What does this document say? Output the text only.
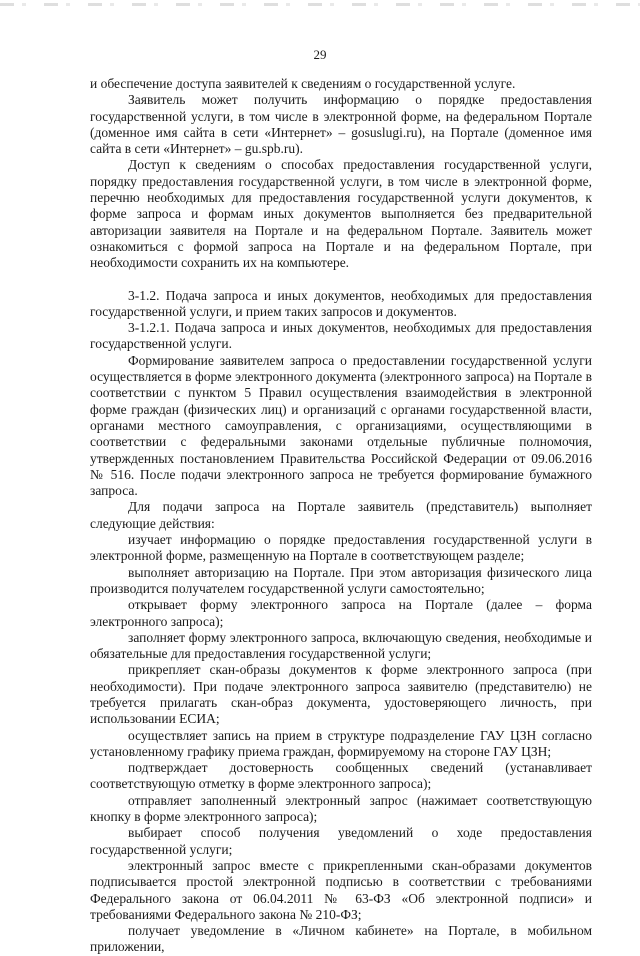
29

и обеспечение доступа заявителей к сведениям о государственной услуге.

Заявитель может получить информацию о порядке предоставления государственной услуги, в том числе в электронной форме, на федеральном Портале (доменное имя сайта в сети «Интернет» – gosuslugi.ru), на Портале (доменное имя сайта в сети «Интернет» – gu.spb.ru).

Доступ к сведениям о способах предоставления государственной услуги, порядку предоставления государственной услуги, в том числе в электронной форме, перечню необходимых для предоставления государственной услуги документов, к форме запроса и формам иных документов выполняется без предварительной авторизации заявителя на Портале и на федеральном Портале. Заявитель может ознакомиться с формой запроса на Портале и на федеральном Портале, при необходимости сохранить их на компьютере.

3-1.2. Подача запроса и иных документов, необходимых для предоставления государственной услуги, и прием таких запросов и документов.

3-1.2.1. Подача запроса и иных документов, необходимых для предоставления государственной услуги.

Формирование заявителем запроса о предоставлении государственной услуги осуществляется в форме электронного документа (электронного запроса) на Портале в соответствии с пунктом 5 Правил осуществления взаимодействия в электронной форме граждан (физических лиц) и организаций с органами государственной власти, органами местного самоуправления, с организациями, осуществляющими в соответствии с федеральными законами отдельные публичные полномочия, утвержденных постановлением Правительства Российской Федерации от 09.06.2016 № 516. После подачи электронного запроса не требуется формирование бумажного запроса.

Для подачи запроса на Портале заявитель (представитель) выполняет следующие действия:

изучает информацию о порядке предоставления государственной услуги в электронной форме, размещенную на Портале в соответствующем разделе;

выполняет авторизацию на Портале. При этом авторизация физического лица производится получателем государственной услуги самостоятельно;

открывает форму электронного запроса на Портале (далее – форма электронного запроса);

заполняет форму электронного запроса, включающую сведения, необходимые и обязательные для предоставления государственной услуги;

прикрепляет скан-образы документов к форме электронного запроса (при необходимости). При подаче электронного запроса заявителю (представителю) не требуется прилагать скан-образ документа, удостоверяющего личность, при использовании ЕСИА;

осуществляет запись на прием в структуре подразделение ГАУ ЦЗН согласно установленному графику приема граждан, формируемому на стороне ГАУ ЦЗН;

подтверждает достоверность сообщенных сведений (устанавливает соответствующую отметку в форме электронного запроса);

отправляет заполненный электронный запрос (нажимает соответствующую кнопку в форме электронного запроса);

выбирает способ получения уведомлений о ходе предоставления государственной услуги;

электронный запрос вместе с прикрепленными скан-образами документов подписывается простой электронной подписью в соответствии с требованиями Федерального закона от 06.04.2011 № 63-ФЗ «Об электронной подписи» и требованиями Федерального закона № 210-ФЗ;

получает уведомление в «Личном кабинете» на Портале, в мобильном приложении,
